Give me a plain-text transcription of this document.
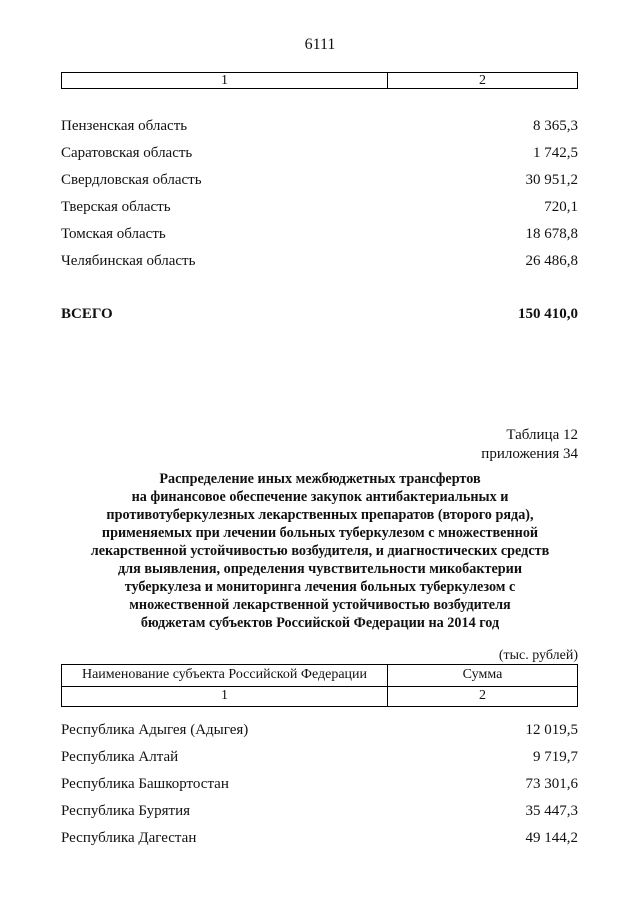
6111
1	2
Пензенская область	8 365,3
Саратовская область	1 742,5
Свердловская область	30 951,2
Тверская область	720,1
Томская область	18 678,8
Челябинская область	26 486,8
ВСЕГО	150 410,0
Таблица 12
приложения 34
Распределение иных межбюджетных трансфертов
на финансовое обеспечение закупок антибактериальных и
противотуберкулезных лекарственных препаратов (второго ряда),
применяемых при лечении больных туберкулезом с множественной
лекарственной устойчивостью возбудителя, и диагностических средств
для выявления, определения чувствительности микобактерии
туберкулеза и мониторинга лечения больных туберкулезом с
множественной лекарственной устойчивостью возбудителя
бюджетам субъектов Российской Федерации на 2014 год
(тыс. рублей)
Наименование субъекта Российской Федерации	Сумма
1	2
Республика Адыгея (Адыгея)	12 019,5
Республика Алтай	9 719,7
Республика Башкортостан	73 301,6
Республика Бурятия	35 447,3
Республика Дагестан	49 144,2
